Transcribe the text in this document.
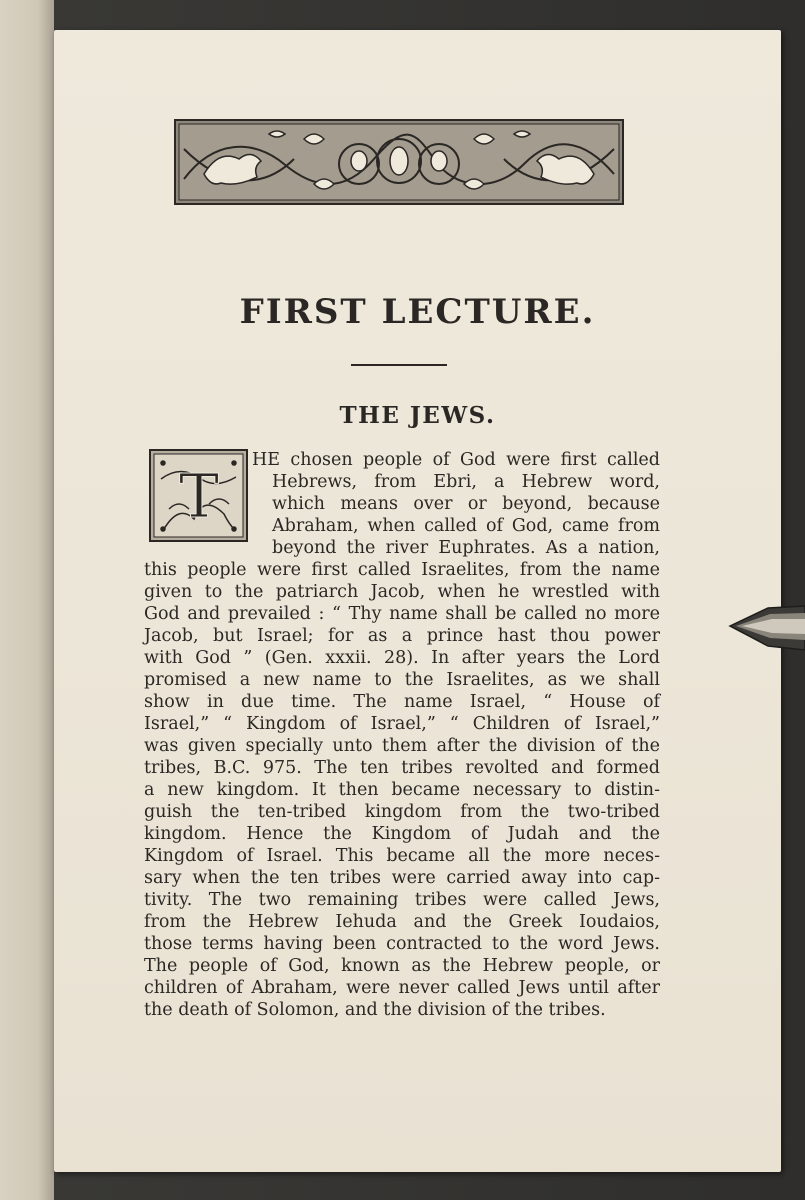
FIRST LECTURE.
THE JEWS.
T
HE chosen people of God were first called
Hebrews, from Ebri, a Hebrew word,
which means over or beyond, because
Abraham, when called of God, came from
beyond the river Euphrates. As a nation,
this people were first called Israelites, from the name
given to the patriarch Jacob, when he wrestled with
God and prevailed : “ Thy name shall be called no more
Jacob, but Israel; for as a prince hast thou power
with God ” (Gen. xxxii. 28). In after years the Lord
promised a new name to the Israelites, as we shall
show in due time. The name Israel, “ House of
Israel,” “ Kingdom of Israel,” “ Children of Israel,”
was given specially unto them after the division of the
tribes, B.C. 975. The ten tribes revolted and formed
a new kingdom. It then became necessary to distin-
guish the ten-tribed kingdom from the two-tribed
kingdom. Hence the Kingdom of Judah and the
Kingdom of Israel. This became all the more neces-
sary when the ten tribes were carried away into cap-
tivity. The two remaining tribes were called Jews,
from the Hebrew Iehuda and the Greek Ioudaios,
those terms having been contracted to the word Jews.
The people of God, known as the Hebrew people, or
children of Abraham, were never called Jews until after
the death of Solomon, and the division of the tribes.
